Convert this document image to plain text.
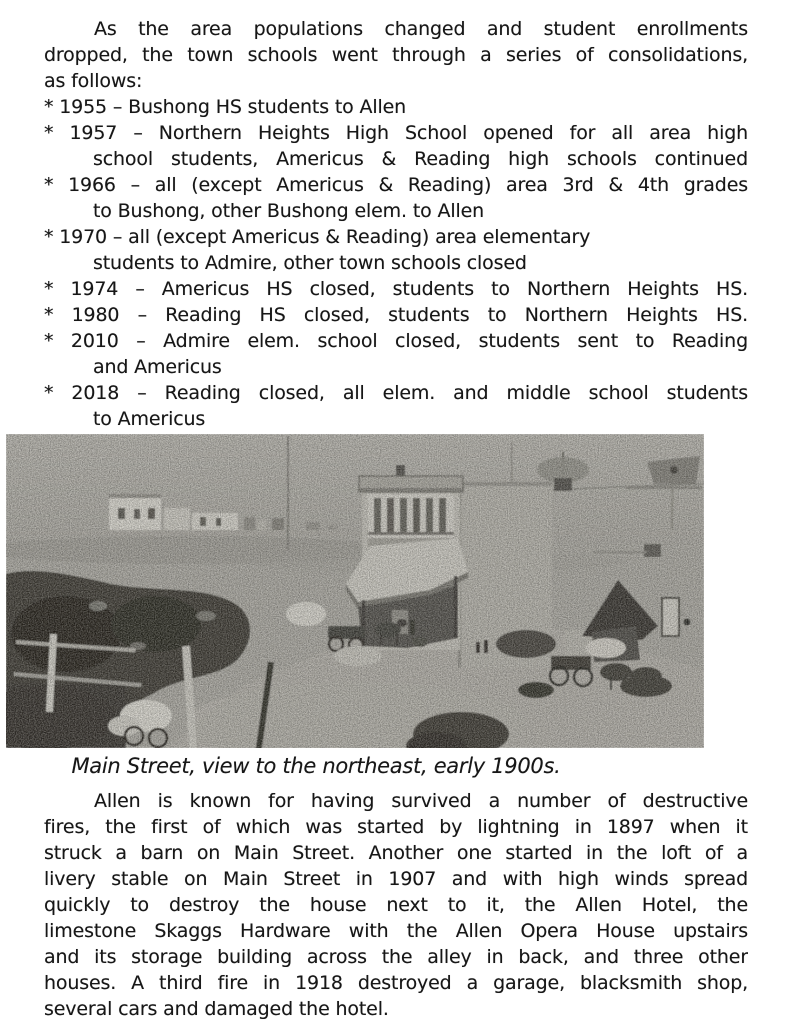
As the area populations changed and student enrollments
dropped, the town schools went through a series of consolidations,
as follows:
* 1955 – Bushong HS students to Allen
* 1957 – Northern Heights High School opened for all area high
school students, Americus & Reading high schools continued
* 1966 – all (except Americus & Reading) area 3rd & 4th grades
to Bushong, other Bushong elem. to Allen
* 1970 – all (except Americus & Reading) area elementary
students to Admire, other town schools closed
* 1974 – Americus HS closed, students to Northern Heights HS.
* 1980 – Reading HS closed, students to Northern Heights HS.
* 2010 – Admire elem. school closed, students sent to Reading
and Americus
* 2018 – Reading closed, all elem. and middle school students
to Americus
Main Street, view to the northeast, early 1900s.
Allen is known for having survived a number of destructive
fires, the first of which was started by lightning in 1897 when it
struck a barn on Main Street. Another one started in the loft of a
livery stable on Main Street in 1907 and with high winds spread
quickly to destroy the house next to it, the Allen Hotel, the
limestone Skaggs Hardware with the Allen Opera House upstairs
and its storage building across the alley in back, and three other
houses. A third fire in 1918 destroyed a garage, blacksmith shop,
several cars and damaged the hotel.
